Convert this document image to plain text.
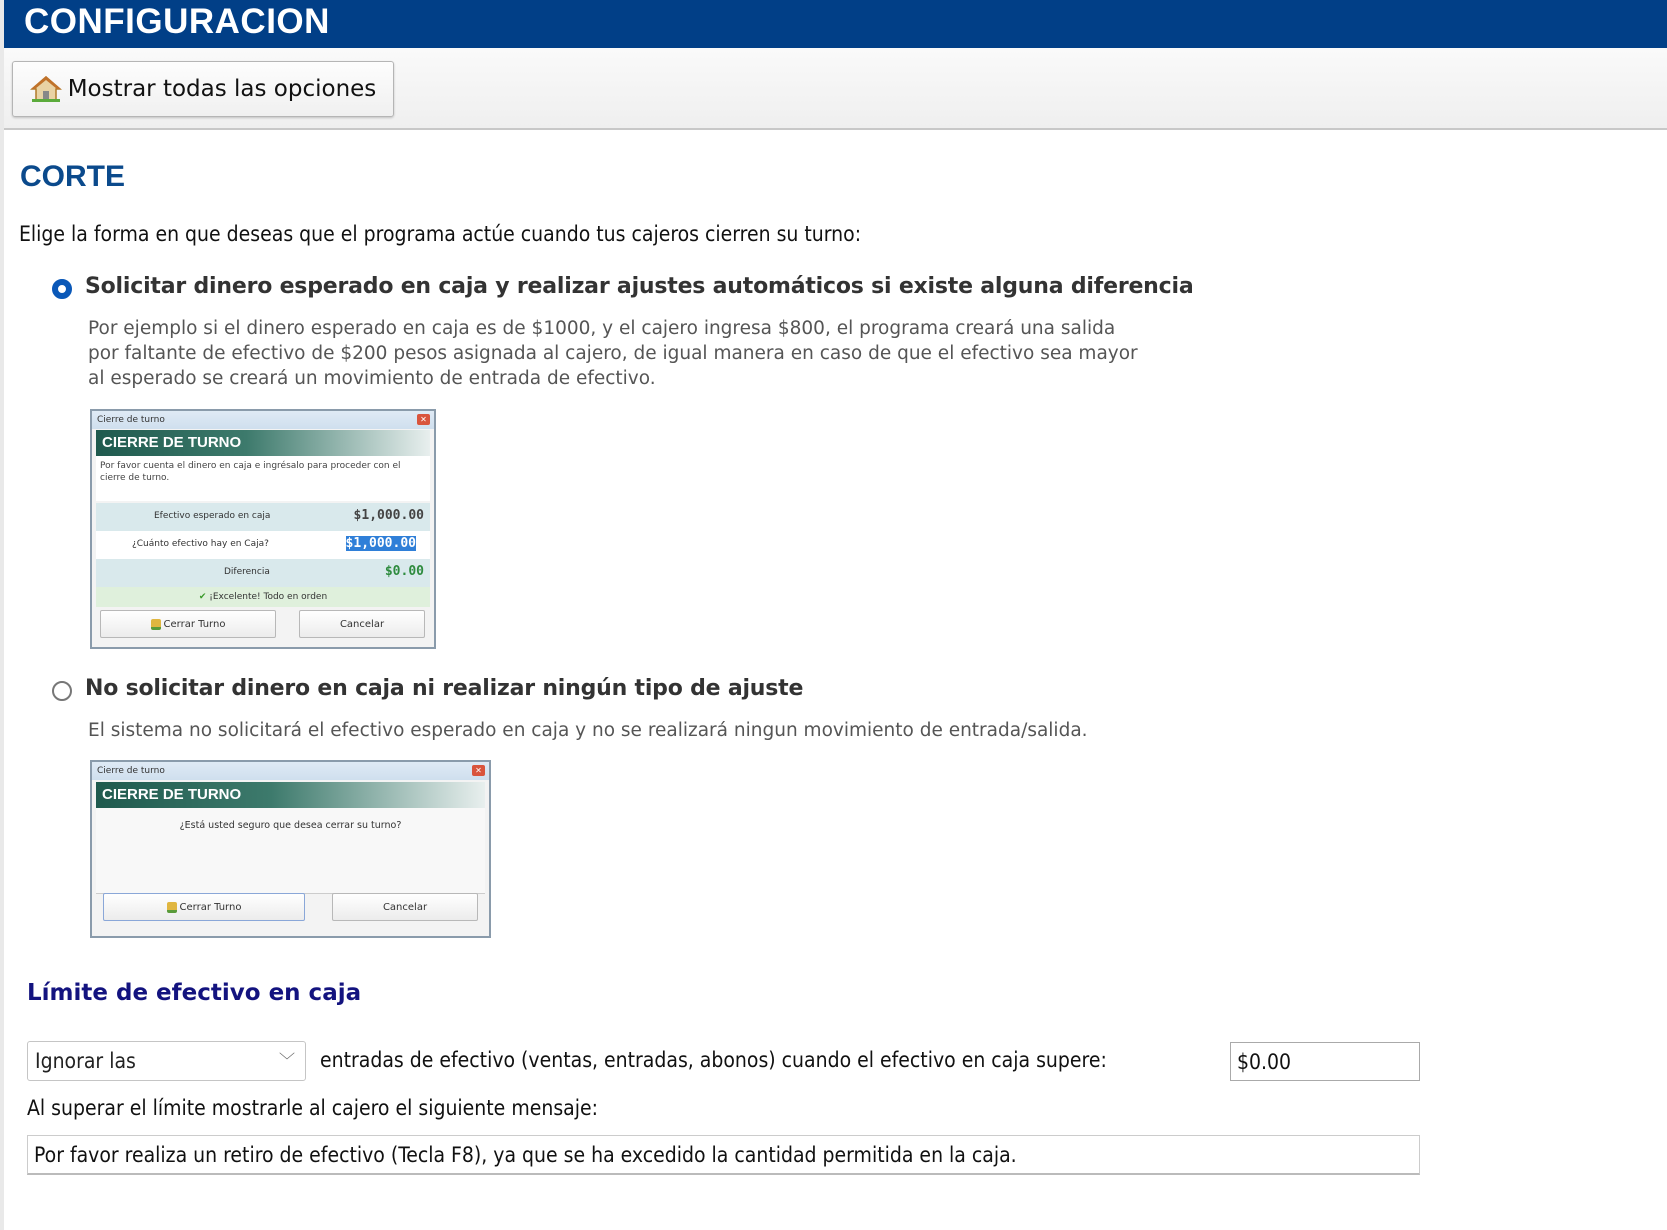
CONFIGURACION
Mostrar todas las opciones
CORTE
Elige la forma en que deseas que el programa actúe cuando tus cajeros cierren su turno:
Solicitar dinero esperado en caja y realizar ajustes automáticos si existe alguna diferencia
Por ejemplo si el dinero esperado en caja es de $1000, y el cajero ingresa $800, el programa creará una salida
por faltante de efectivo de $200 pesos asignada al cajero, de igual manera en caso de que el efectivo sea mayor
al esperado se creará un movimiento de entrada de efectivo.
Cierre de turno	✕
CIERRE DE TURNO
Por favor cuenta el dinero en caja e ingrésalo para proceder con el cierre de turno.
Efectivo esperado en caja	$1,000.00
¿Cuánto efectivo hay en Caja?	$1,000.00
Diferencia	$0.00
✔ ¡Excelente! Todo en orden
Cerrar Turno	Cancelar
No solicitar dinero en caja ni realizar ningún tipo de ajuste
El sistema no solicitará el efectivo esperado en caja y no se realizará ningun movimiento de entrada/salida.
Cierre de turno	✕
CIERRE DE TURNO
¿Está usted seguro que desea cerrar su turno?
Cerrar Turno	Cancelar
Límite de efectivo en caja
Ignorar las	﹀ entradas de efectivo (ventas, entradas, abonos) cuando el efectivo en caja supere:
$0.00
Al superar el límite mostrarle al cajero el siguiente mensaje:
Por favor realiza un retiro de efectivo (Tecla F8), ya que se ha excedido la cantidad permitida en la caja.
